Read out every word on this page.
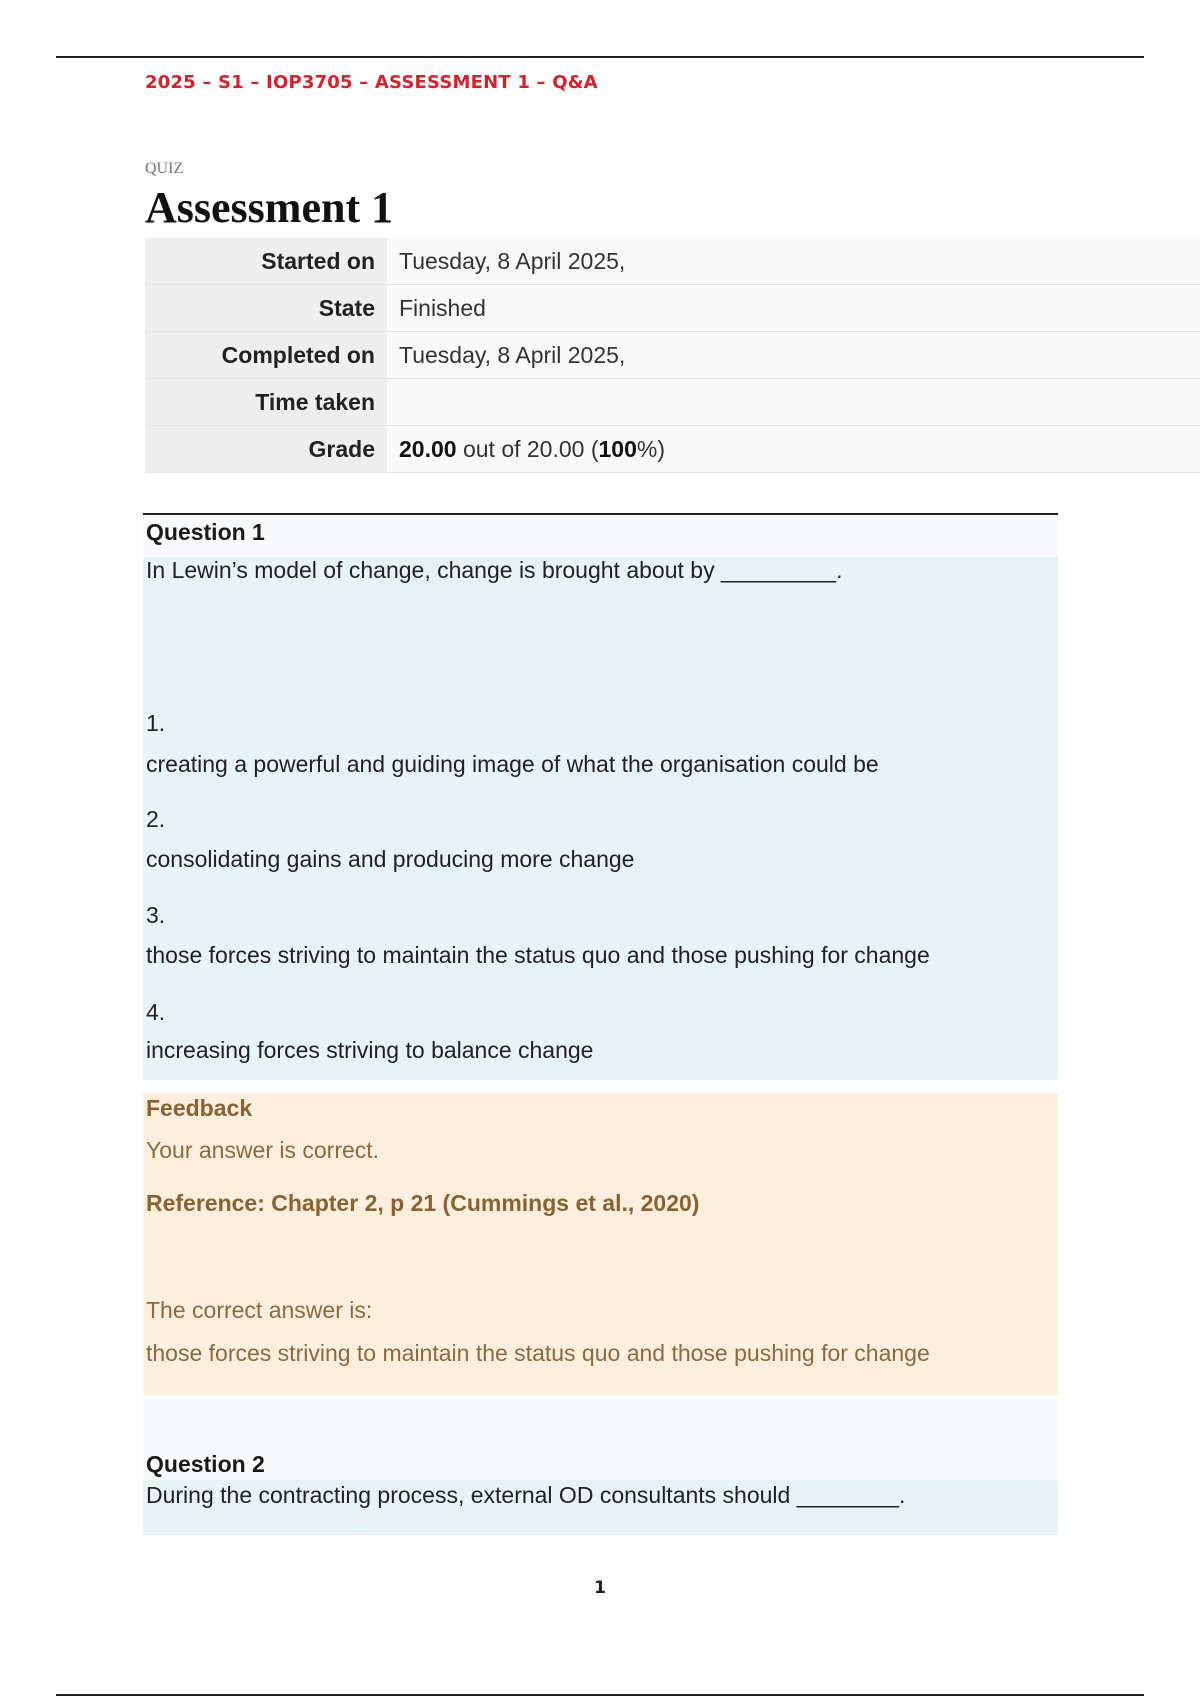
2025 – S1 – IOP3705 – ASSESSMENT 1 – Q&A
QUIZ
Assessment 1
Started on	Tuesday, 8 April 2025,
State	Finished
Completed on	Tuesday, 8 April 2025,
Time taken	
Grade	20.00 out of 20.00 (100%)
Question 1
In Lewin’s model of change, change is brought about by _________.
1.
creating a powerful and guiding image of what the organisation could be
2.
consolidating gains and producing more change
3.
those forces striving to maintain the status quo and those pushing for change
4.
increasing forces striving to balance change
Feedback
Your answer is correct.
Reference: Chapter 2, p 21 (Cummings et al., 2020)
The correct answer is:
those forces striving to maintain the status quo and those pushing for change
Question 2
During the contracting process, external OD consultants should ________.
1
